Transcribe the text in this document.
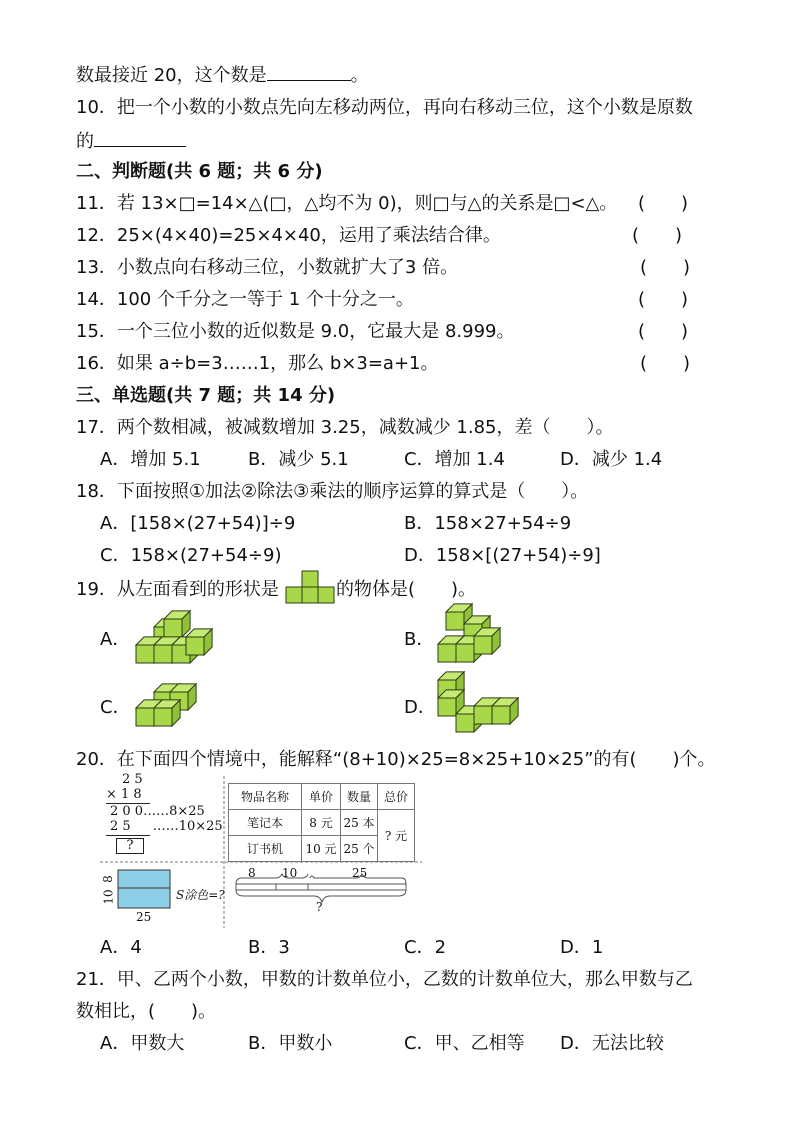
数最接近 20，这个数是	。
10．把一个小数的小数点先向左移动两位，再向右移动三位，这个小数是原数
的
二、判断题(共 6 题；共 6 分)
11．若 13×□=14×△(□，△均不为 0)，则□与△的关系是□<△。 (　　)
12．25×(4×40)=25×4×40，运用了乘法结合律。	(　　)
13．小数点向右移动三位，小数就扩大了3 倍。	(　　)
14．100 个千分之一等于 1 个十分之一。	(　　)
15．一个三位小数的近似数是 9.0，它最大是 8.999。	(　　)
16．如果 a÷b=3……1，那么 b×3=a+1。	(　　)
三、单选题(共 7 题；共 14 分)
17．两个数相减，被减数增加 3.25，减数减少 1.85，差（　　）。
A．增加 5.1	B．减少 5.1	C．增加 1.4	D．减少 1.4
18．下面按照①加法②除法③乘法的顺序运算的算式是（　　）。
A．[158×(27+54)]÷9	B．158×27+54÷9
C．158×(27+54÷9)	D．158×[(27+54)÷9]
19．从左面看到的形状是	的物体是(　　)。
A．	B．
C．	D．
20．在下面四个情境中，能解释“(8+10)×25=8×25+10×25”的有(　　)个。
2 5
× 1 8
2 0 0……8×25
2 5 ……10×25
?
物品名称	单价	数量	总价
笔记本	8 元	25 本	? 元
订书机	10 元	25 个	
8
10
25
S涂色=?
8 10	25
?
A．4	B．3	C．2	D．1
21．甲、乙两个小数，甲数的计数单位小，乙数的计数单位大，那么甲数与乙
数相比，(　　)。
A．甲数大	B．甲数小	C．甲、乙相等 D．无法比较
